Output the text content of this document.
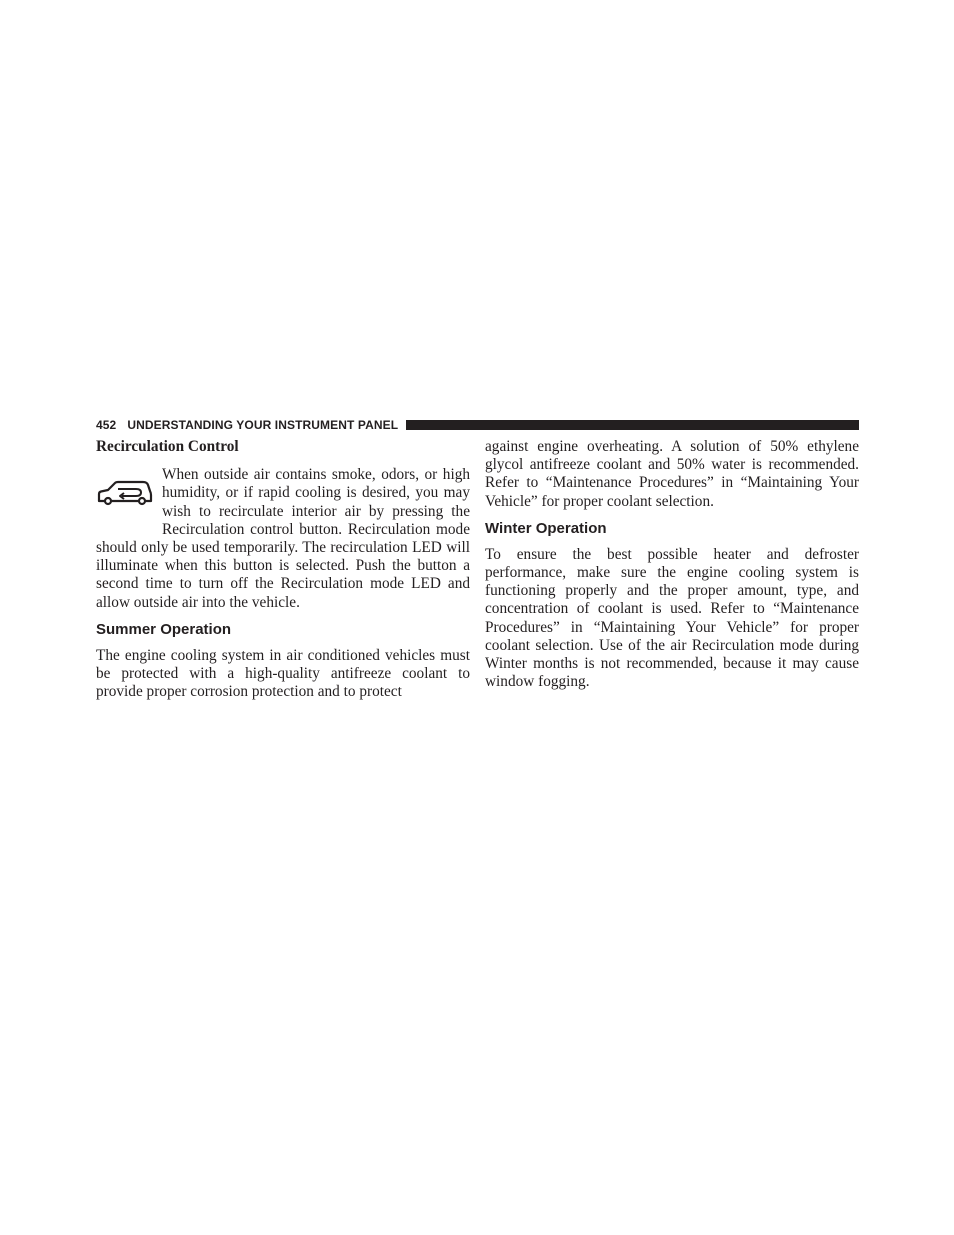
452 UNDERSTANDING YOUR INSTRUMENT PANEL
Recirculation Control

When outside air contains smoke, odors, or high humidity, or if rapid cooling is desired, you may wish to recirculate interior air by pressing the Recirculation control button. Recirculation mode should only be used temporarily. The recirculation LED will illuminate when this button is selected. Push the button a second time to turn off the Recirculation mode LED and allow outside air into the vehicle.

Summer Operation

The engine cooling system in air conditioned vehicles must be protected with a high-quality antifreeze coolant to provide proper corrosion protection and to protect

against engine overheating. A solution of 50% ethylene glycol antifreeze coolant and 50% water is recommended. Refer to “Maintenance Procedures” in “Maintaining Your Vehicle” for proper coolant selection.

Winter Operation

To ensure the best possible heater and defroster performance, make sure the engine cooling system is functioning properly and the proper amount, type, and concentration of coolant is used. Refer to “Maintenance Procedures” in “Maintaining Your Vehicle” for proper coolant selection. Use of the air Recirculation mode during Winter months is not recommended, because it may cause window fogging.
